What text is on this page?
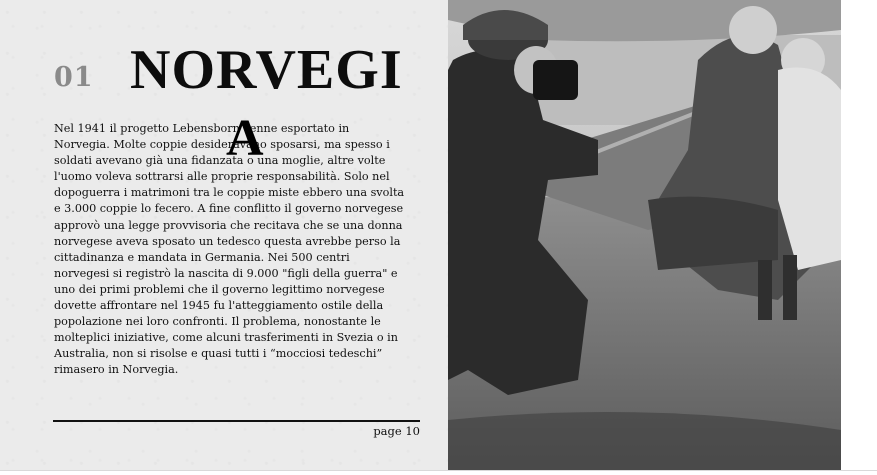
01 NORVEGI
Nel 1941 il progetto Lebensborn venne esportato in Norvegia. Molte coppie desideravano sposarsi, ma spesso i soldati avevano già una fidanzata o una moglie, altre volte l'uomo voleva sottrarsi alle proprie responsabilità. Solo nel dopoguerra i matrimoni tra le coppie miste ebbero una svolta e 3.000 coppie lo fecero. A fine conflitto il governo norvegese approvò una legge provvisoria che recitava che se una donna norvegese aveva sposato un tedesco questa avrebbe perso la cittadinanza e mandata in Germania. Nei 500 centri norvegesi si registrò la nascita di 9.000 "figli della guerra" e uno dei primi problemi che il governo legittimo norvegese dovette affrontare nel 1945 fu l'atteggiamento ostile della popolazione nei loro confronti. Il problema, nonostante le molteplici iniziative, come alcuni trasferimenti in Svezia o in Australia, non si risolse e quasi tutti i “mocciosi tedeschi” rimasero in Norvegia.
A
page 10
